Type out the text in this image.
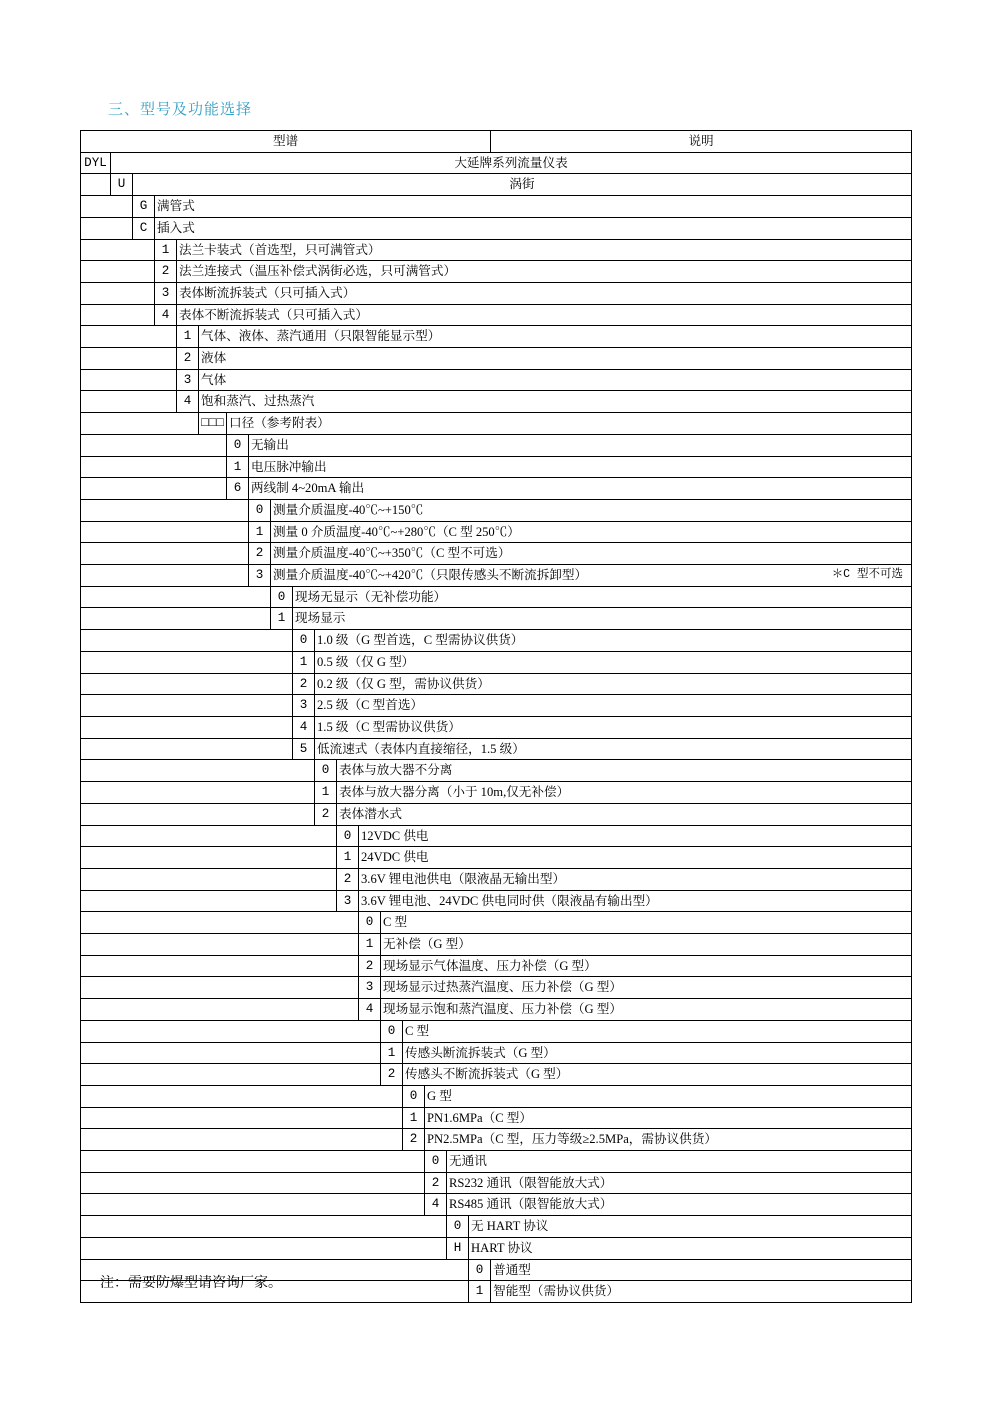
三、型号及功能选择
型谱																		说明
DYL	大延牌系列流量仪表																	
	U	涡街																
		G	满管式															
		C	插入式															
			1	法兰卡装式（首选型，只可满管式）														
			2	法兰连接式（温压补偿式涡街必选，只可满管式）														
			3	表体断流拆装式（只可插入式）														
			4	表体不断流拆装式（只可插入式）														
				1	气体、液体、蒸汽通用（只限智能显示型）													
				2	液体													
				3	气体													
				4	饱和蒸汽、过热蒸汽													
					□□□	口径（参考附表）												
						0	无输出											
						1	电压脉冲输出											
						6	两线制 4~20mA 输出											
							0	测量介质温度-40℃~+150℃										
							1	测量 0 介质温度-40℃~+280℃（C 型 250℃）										
							2	测量介质温度-40℃~+350℃（C 型不可选）										
							3	测量介质温度-40℃~+420℃（只限传感头不断流拆卸型） ＊C 型不可选										

								0	现场无显示（无补偿功能）									
								1	现场显示									
									0	1.0 级（G 型首选，C 型需协议供货）								
									1	0.5 级（仅 G 型）								
									2	0.2 级（仅 G 型，需协议供货）								
									3	2.5 级（C 型首选）								
									4	1.5 级（C 型需协议供货）								
									5	低流速式（表体内直接缩径，1.5 级）								
										0	表体与放大器不分离							
										1	表体与放大器分离（小于 10m,仅无补偿）							
										2	表体潜水式							
											0	12VDC 供电						
											1	24VDC 供电						
											2	3.6V 锂电池供电（限液晶无输出型）						
											3	3.6V 锂电池、24VDC 供电同时供（限液晶有输出型）						
												0	C 型					
												1	无补偿（G 型）					
												2	现场显示气体温度、压力补偿（G 型）					
												3	现场显示过热蒸汽温度、压力补偿（G 型）					
												4	现场显示饱和蒸汽温度、压力补偿（G 型）					
													0	C 型				
													1	传感头断流拆装式（G 型）				
													2	传感头不断流拆装式（G 型）				
														0	G 型			
														1	PN1.6MPa（C 型）			
														2	PN2.5MPa（C 型，压力等级≥2.5MPa，需协议供货）			
															0	无通讯		
															2	RS232 通讯（限智能放大式）		
															4	RS485 通讯（限智能放大式）		
																0	无 HART 协议	
																H	HART 协议	
																	0	普通型
																	1	智能型（需协议供货）
注：需要防爆型请咨询厂家。
